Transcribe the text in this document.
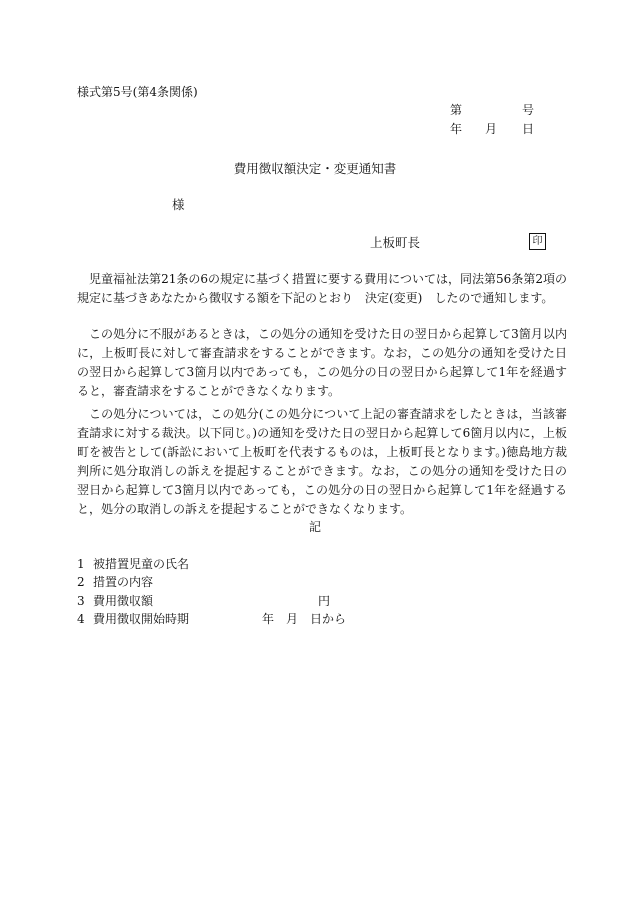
様式第5号(第4条関係)
第	号
年 月 日
費用徴収額決定・変更通知書
様
上板町長	印
児童福祉法第21条の6の規定に基づく措置に要する費用については，同法第56条第2項の規定に基づきあなたから徴収する額を下記のとおり　決定(変更)　したので通知します。
この処分に不服があるときは，この処分の通知を受けた日の翌日から起算して3箇月以内に，上板町長に対して審査請求をすることができます。なお，この処分の通知を受けた日の翌日から起算して3箇月以内であっても，この処分の日の翌日から起算して1年を経過すると，審査請求をすることができなくなります。
この処分については，この処分(この処分について上記の審査請求をしたときは，当該審査請求に対する裁決。以下同じ。)の通知を受けた日の翌日から起算して6箇月以内に，上板町を被告として(訴訟において上板町を代表するものは，上板町長となります。)徳島地方裁判所に処分取消しの訴えを提起することができます。なお，この処分の通知を受けた日の翌日から起算して3箇月以内であっても，この処分の日の翌日から起算して1年を経過すると，処分の取消しの訴えを提起することができなくなります。
記
1 被措置児童の氏名
2 措置の内容
3 費用徴収額
4 費用徴収開始時期
円
年 月 日から
